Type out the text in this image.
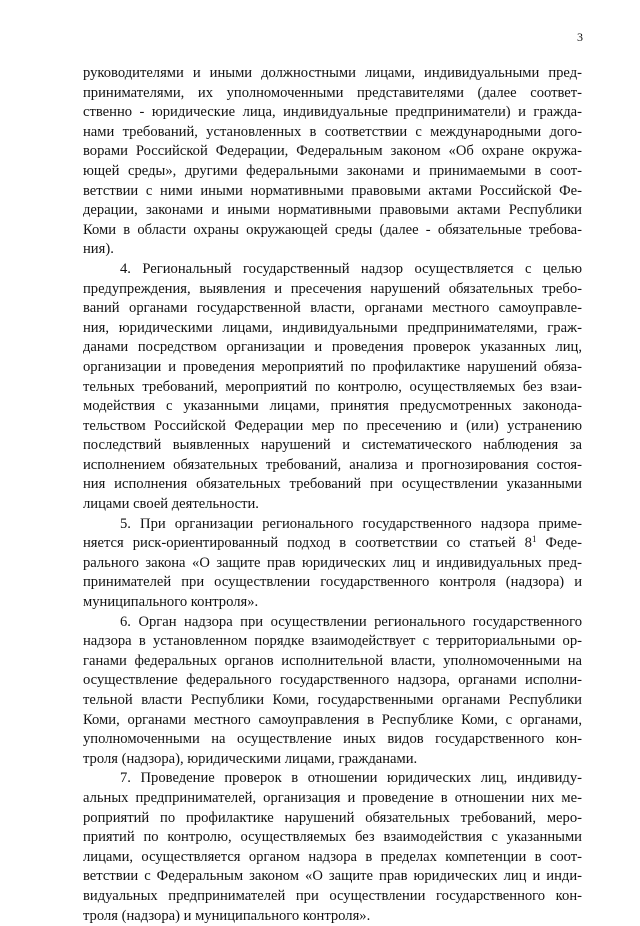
3
руководителями и иными должностными лицами, индивидуальными пред-
принимателями, их уполномоченными представителями (далее соответ-
ственно - юридические лица, индивидуальные предприниматели) и гражда-
нами требований, установленных в соответствии с международными дого-
ворами Российской Федерации, Федеральным законом «Об охране окружа-
ющей среды», другими федеральными законами и принимаемыми в соот-
ветствии с ними иными нормативными правовыми актами Российской Фе-
дерации, законами и иными нормативными правовыми актами Республики
Коми в области охраны окружающей среды (далее - обязательные требова-
ния).
4. Региональный государственный надзор осуществляется с целью
предупреждения, выявления и пресечения нарушений обязательных требо-
ваний органами государственной власти, органами местного самоуправле-
ния, юридическими лицами, индивидуальными предпринимателями, граж-
данами посредством организации и проведения проверок указанных лиц,
организации и проведения мероприятий по профилактике нарушений обяза-
тельных требований, мероприятий по контролю, осуществляемых без взаи-
модействия с указанными лицами, принятия предусмотренных законода-
тельством Российской Федерации мер по пресечению и (или) устранению
последствий выявленных нарушений и систематического наблюдения за
исполнением обязательных требований, анализа и прогнозирования состоя-
ния исполнения обязательных требований при осуществлении указанными
лицами своей деятельности.
5. При организации регионального государственного надзора приме-
няется риск-ориентированный подход в соответствии со статьей $8^1$ Феде-
рального закона «О защите прав юридических лиц и индивидуальных пред-
принимателей при осуществлении государственного контроля (надзора) и
муниципального контроля».
6. Орган надзора при осуществлении регионального государственного
надзора в установленном порядке взаимодействует с территориальными ор-
ганами федеральных органов исполнительной власти, уполномоченными на
осуществление федерального государственного надзора, органами исполни-
тельной власти Республики Коми, государственными органами Республики
Коми, органами местного самоуправления в Республике Коми, с органами,
уполномоченными на осуществление иных видов государственного кон-
троля (надзора), юридическими лицами, гражданами.
7. Проведение проверок в отношении юридических лиц, индивиду-
альных предпринимателей, организация и проведение в отношении них ме-
роприятий по профилактике нарушений обязательных требований, меро-
приятий по контролю, осуществляемых без взаимодействия с указанными
лицами, осуществляется органом надзора в пределах компетенции в соот-
ветствии с Федеральным законом «О защите прав юридических лиц и инди-
видуальных предпринимателей при осуществлении государственного кон-
троля (надзора) и муниципального контроля».
